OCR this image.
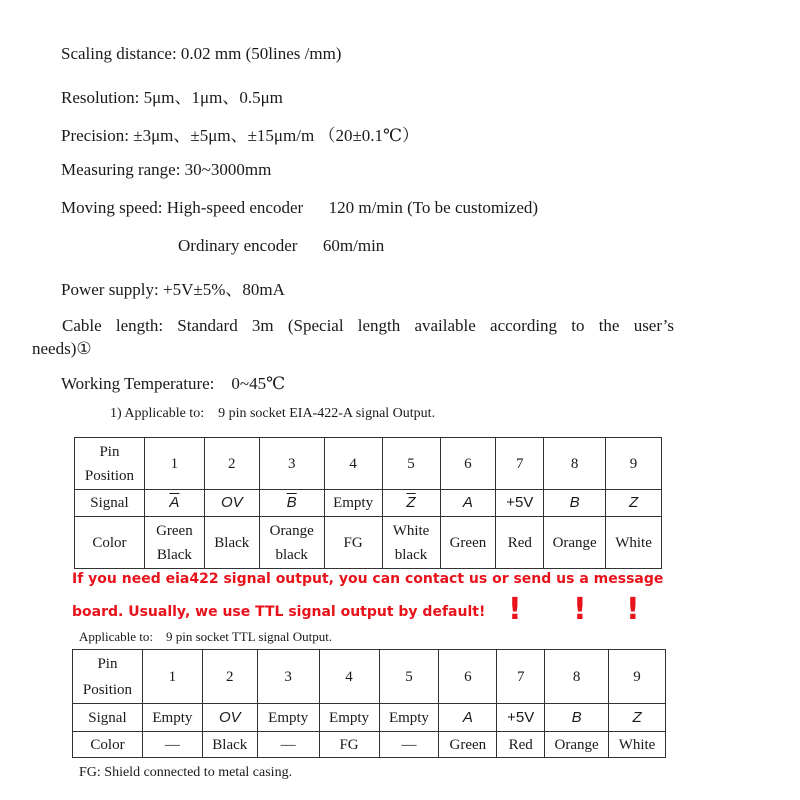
Scaling distance: 0.02 mm (50lines /mm)
Resolution: 5μm、1μm、0.5μm
Precision: ±3μm、±5μm、±15μm/m （20±0.1℃）
Measuring range: 30~3000mm
Moving speed: High-speed encoder      120 m/min (To be customized)
Ordinary encoder      60m/min
Power supply: +5V±5%、80mA
Cable length: Standard 3m (Special length available according to the user’s
needs)①
Working Temperature:    0~45℃
1) Applicable to:    9 pin socket EIA-422-A signal Output.
Pin Position	1	2	3	4	5	6	7	8	9
Signal	$\overline{A}$	OV	$\overline{B}$	Empty	$\overline{Z}$	A	+5V	B	Z
Color	Green Black	Black	Orange black	FG	White black	Green	Red	Orange	White
If you need eia422 signal output, you can contact us or send us a message
board. Usually, we use TTL signal output by default! ! ! !
Applicable to:    9 pin socket TTL signal Output.
Pin Position	1	2	3	4	5	6	7	8	9
Signal	Empty	OV	Empty	Empty	Empty	A	+5V	B	Z
Color	—	Black	—	FG	—	Green	Red	Orange	White
FG: Shield connected to metal casing.
